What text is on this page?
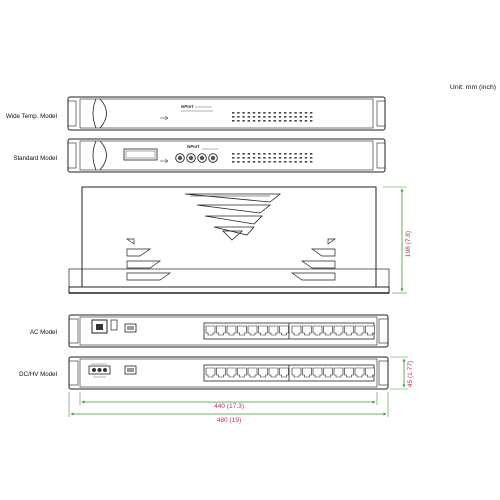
Unit: mm (inch)
Wide Temp. Model
NPort
Standard Model
NPort
198 (7.8)
AC Model
DC/HV Model	45 (1.77)
440 (17.3)
480 (19)
